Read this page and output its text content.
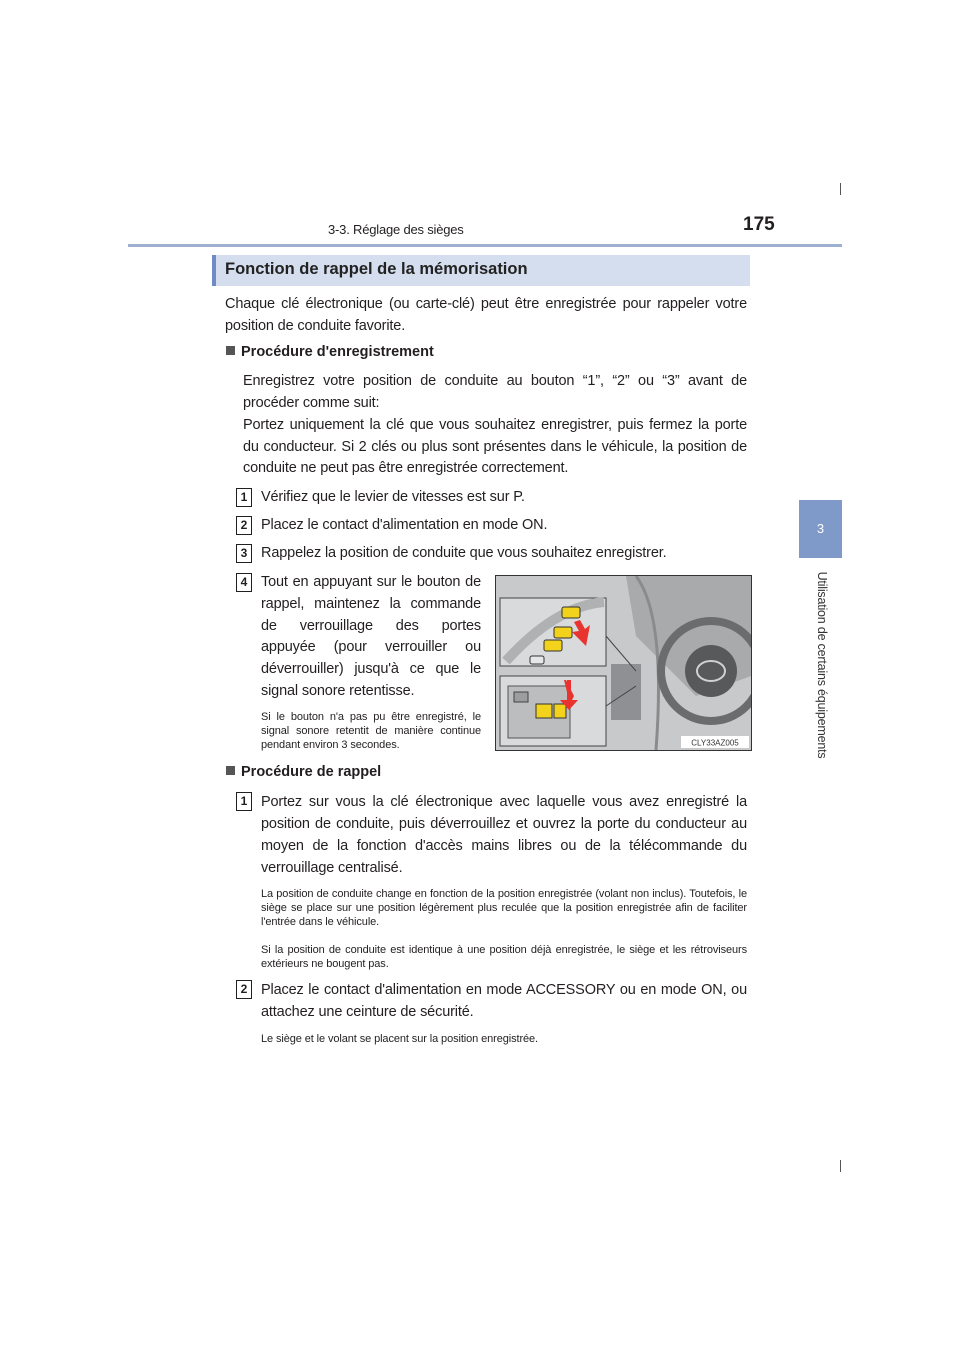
3-3. Réglage des sièges	175
3
Utilisation de certains équipements
Fonction de rappel de la mémorisation
Chaque clé électronique (ou carte-clé) peut être enregistrée pour rappeler votre position de conduite favorite.
Procédure d'enregistrement
Enregistrez votre position de conduite au bouton “1”, “2” ou “3” avant de procéder comme suit:
Portez uniquement la clé que vous souhaitez enregistrer, puis fermez la porte du conducteur. Si 2 clés ou plus sont présentes dans le véhicule, la position de conduite ne peut pas être enregistrée correctement.
1 Vérifiez que le levier de vitesses est sur P.
2 Placez le contact d'alimentation en mode ON.
3 Rappelez la position de conduite que vous souhaitez enregistrer.
4 Tout en appuyant sur le bouton de rappel, maintenez la commande de verrouillage des portes appuyée (pour verrouiller ou déverrouiller) jusqu'à ce que le signal sonore retentisse.
Si le bouton n'a pas pu être enregistré, le signal sonore retentit de manière continue pendant environ 3 secondes.	CLY33AZ005
Procédure de rappel
1 Portez sur vous la clé électronique avec laquelle vous avez enregistré la position de conduite, puis déverrouillez et ouvrez la porte du conducteur au moyen de la fonction d'accès mains libres ou de la télécommande du verrouillage centralisé.
La position de conduite change en fonction de la position enregistrée (volant non inclus). Toutefois, le siège se place sur une position légèrement plus reculée que la position enregistrée afin de faciliter l'entrée dans le véhicule.
Si la position de conduite est identique à une position déjà enregistrée, le siège et les rétroviseurs extérieurs ne bougent pas.
2 Placez le contact d'alimentation en mode ACCESSORY ou en mode ON, ou attachez une ceinture de sécurité.
Le siège et le volant se placent sur la position enregistrée.
